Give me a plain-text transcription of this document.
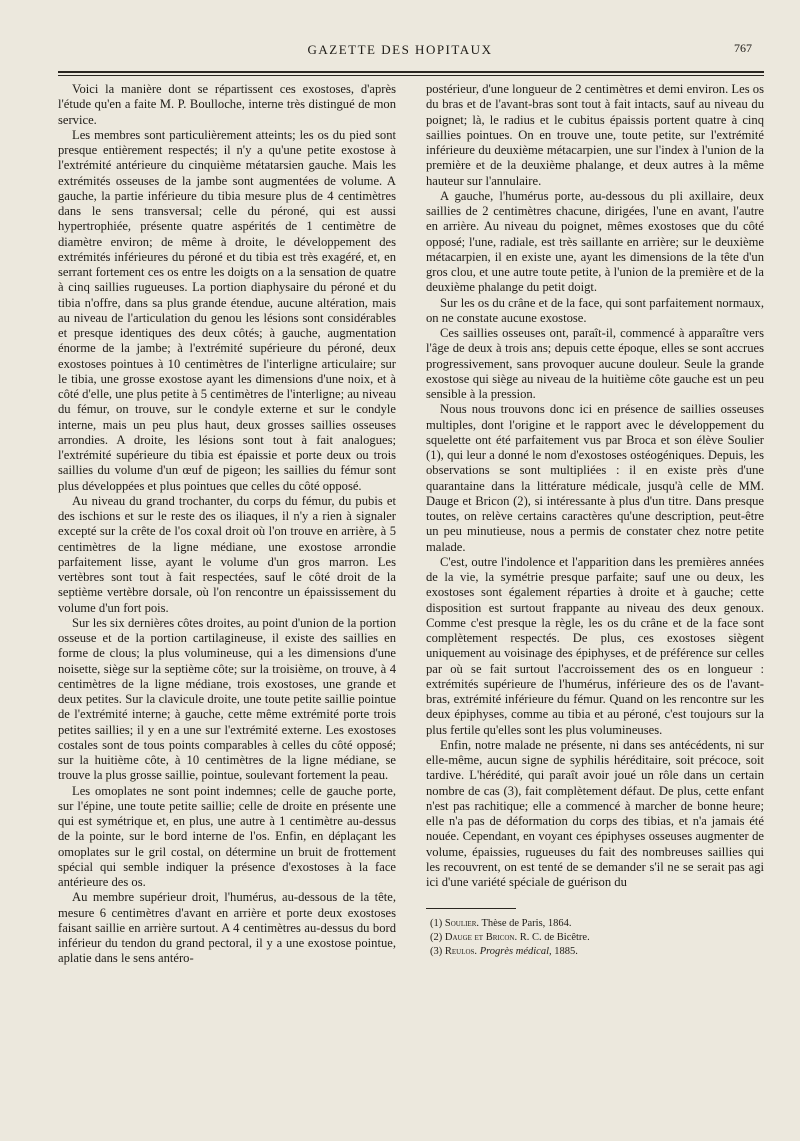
GAZETTE DES HOPITAUX	767

Voici la manière dont se répartissent ces exostoses, d'après l'étude qu'en a faite M. P. Boulloche, interne très distingué de mon service.

Les membres sont particulièrement atteints; les os du pied sont presque entièrement respectés; il n'y a qu'une petite exostose à l'extrémité antérieure du cinquième métatarsien gauche. Mais les extrémités osseuses de la jambe sont augmentées de volume. A gauche, la partie inférieure du tibia mesure plus de 4 centimètres dans le sens transversal; celle du péroné, qui est aussi hypertrophiée, présente quatre aspérités de 1 centimètre de diamètre environ; de même à droite, le développement des extrémités inférieures du péroné et du tibia est très exagéré, et, en serrant fortement ces os entre les doigts on a la sensation de quatre à cinq saillies rugueuses. La portion diaphysaire du péroné et du tibia n'offre, dans sa plus grande étendue, aucune altération, mais au niveau de l'articulation du genou les lésions sont considérables et presque identiques des deux côtés; à gauche, augmentation énorme de la jambe; à l'extrémité supérieure du péroné, deux exostoses pointues à 10 centimètres de l'interligne articulaire; sur le tibia, une grosse exostose ayant les dimensions d'une noix, et à côté d'elle, une plus petite à 5 centimètres de l'interligne; au niveau du fémur, on trouve, sur le condyle externe et sur le condyle interne, mais un peu plus haut, deux grosses saillies osseuses arrondies. A droite, les lésions sont tout à fait analogues; l'extrémité supérieure du tibia est épaissie et porte deux ou trois saillies du volume d'un œuf de pigeon; les saillies du fémur sont plus développées et plus pointues que celles du côté opposé.

Au niveau du grand trochanter, du corps du fémur, du pubis et des ischions et sur le reste des os iliaques, il n'y a rien à signaler excepté sur la crête de l'os coxal droit où l'on trouve en arrière, à 5 centimètres de la ligne médiane, une exostose arrondie parfaitement lisse, ayant le volume d'un gros marron. Les vertèbres sont tout à fait respectées, sauf le côté droit de la septième vertèbre dorsale, où l'on rencontre un épaississement du volume d'un fort pois.

Sur les six dernières côtes droites, au point d'union de la portion osseuse et de la portion cartilagineuse, il existe des saillies en forme de clous; la plus volumineuse, qui a les dimensions d'une noisette, siège sur la septième côte; sur la troisième, on trouve, à 4 centimètres de la ligne médiane, trois exostoses, une grande et deux petites. Sur la clavicule droite, une toute petite saillie pointue de l'extrémité interne; à gauche, cette même extrémité porte trois petites saillies; il y en a une sur l'extrémité externe. Les exostoses costales sont de tous points comparables à celles du côté opposé; sur la huitième côte, à 10 centimètres de la ligne médiane, se trouve la plus grosse saillie, pointue, soulevant fortement la peau.

Les omoplates ne sont point indemnes; celle de gauche porte, sur l'épine, une toute petite saillie; celle de droite en présente une qui est symétrique et, en plus, une autre à 1 centimètre au-dessus de la pointe, sur le bord interne de l'os. Enfin, en déplaçant les omoplates sur le gril costal, on détermine un bruit de frottement spécial qui semble indiquer la présence d'exostoses à la face antérieure des os.

Au membre supérieur droit, l'humérus, au-dessous de la tête, mesure 6 centimètres d'avant en arrière et porte deux exostoses faisant saillie en arrière surtout. A 4 centimètres au-dessus du bord inférieur du tendon du grand pectoral, il y a une exostose pointue, aplatie dans le sens antéro-

postérieur, d'une longueur de 2 centimètres et demi environ. Les os du bras et de l'avant-bras sont tout à fait intacts, sauf au niveau du poignet; là, le radius et le cubitus épaissis portent quatre à cinq saillies pointues. On en trouve une, toute petite, sur l'extrémité inférieure du deuxième métacarpien, une sur l'index à l'union de la première et de la deuxième phalange, et deux autres à la même hauteur sur l'annulaire.

A gauche, l'humérus porte, au-dessous du pli axillaire, deux saillies de 2 centimètres chacune, dirigées, l'une en avant, l'autre en arrière. Au niveau du poignet, mêmes exostoses que du côté opposé; l'une, radiale, est très saillante en arrière; sur le deuxième métacarpien, il en existe une, ayant les dimensions de la tête d'un gros clou, et une autre toute petite, à l'union de la première et de la deuxième phalange du petit doigt.

Sur les os du crâne et de la face, qui sont parfaitement normaux, on ne constate aucune exostose.

Ces saillies osseuses ont, paraît-il, commencé à apparaître vers l'âge de deux à trois ans; depuis cette époque, elles se sont accrues progressivement, sans provoquer aucune douleur. Seule la grande exostose qui siège au niveau de la huitième côte gauche est un peu sensible à la pression.

Nous nous trouvons donc ici en présence de saillies osseuses multiples, dont l'origine et le rapport avec le développement du squelette ont été parfaitement vus par Broca et son élève Soulier (1), qui leur a donné le nom d'exostoses ostéogéniques. Depuis, les observations se sont multipliées : il en existe près d'une quarantaine dans la littérature médicale, jusqu'à celle de MM. Dauge et Bricon (2), si intéressante à plus d'un titre. Dans presque toutes, on relève certains caractères qu'une description, peut-être un peu minutieuse, nous a permis de constater chez notre petite malade.

C'est, outre l'indolence et l'apparition dans les premières années de la vie, la symétrie presque parfaite; sauf une ou deux, les exostoses sont également réparties à droite et à gauche; cette disposition est surtout frappante au niveau des deux genoux. Comme c'est presque la règle, les os du crâne et de la face sont complètement respectés. De plus, ces exostoses siègent uniquement au voisinage des épiphyses, et de préférence sur celles par où se fait surtout l'accroissement des os en longueur : extrémités supérieure de l'humérus, inférieure des os de l'avant-bras, extrémité inférieure du fémur. Quand on les rencontre sur les deux épiphyses, comme au tibia et au péroné, c'est toujours sur la plus fertile qu'elles sont les plus volumineuses.

Enfin, notre malade ne présente, ni dans ses antécédents, ni sur elle-même, aucun signe de syphilis héréditaire, soit précoce, soit tardive. L'hérédité, qui paraît avoir joué un rôle dans un certain nombre de cas (3), fait complètement défaut. De plus, cette enfant n'est pas rachitique; elle a commencé à marcher de bonne heure; elle n'a pas de déformation du corps des tibias, et n'a jamais été nouée. Cependant, en voyant ces épiphyses osseuses augmenter de volume, épaissies, rugueuses du fait des nombreuses saillies qui les recouvrent, on est tenté de se demander s'il ne se serait pas agi ici d'une variété spéciale de guérison du

(1) Soulier. Thèse de Paris, 1864.
(2) Dauge et Bricon. R. C. de Bicêtre.
(3) Reulos. Progrès médical, 1885.
